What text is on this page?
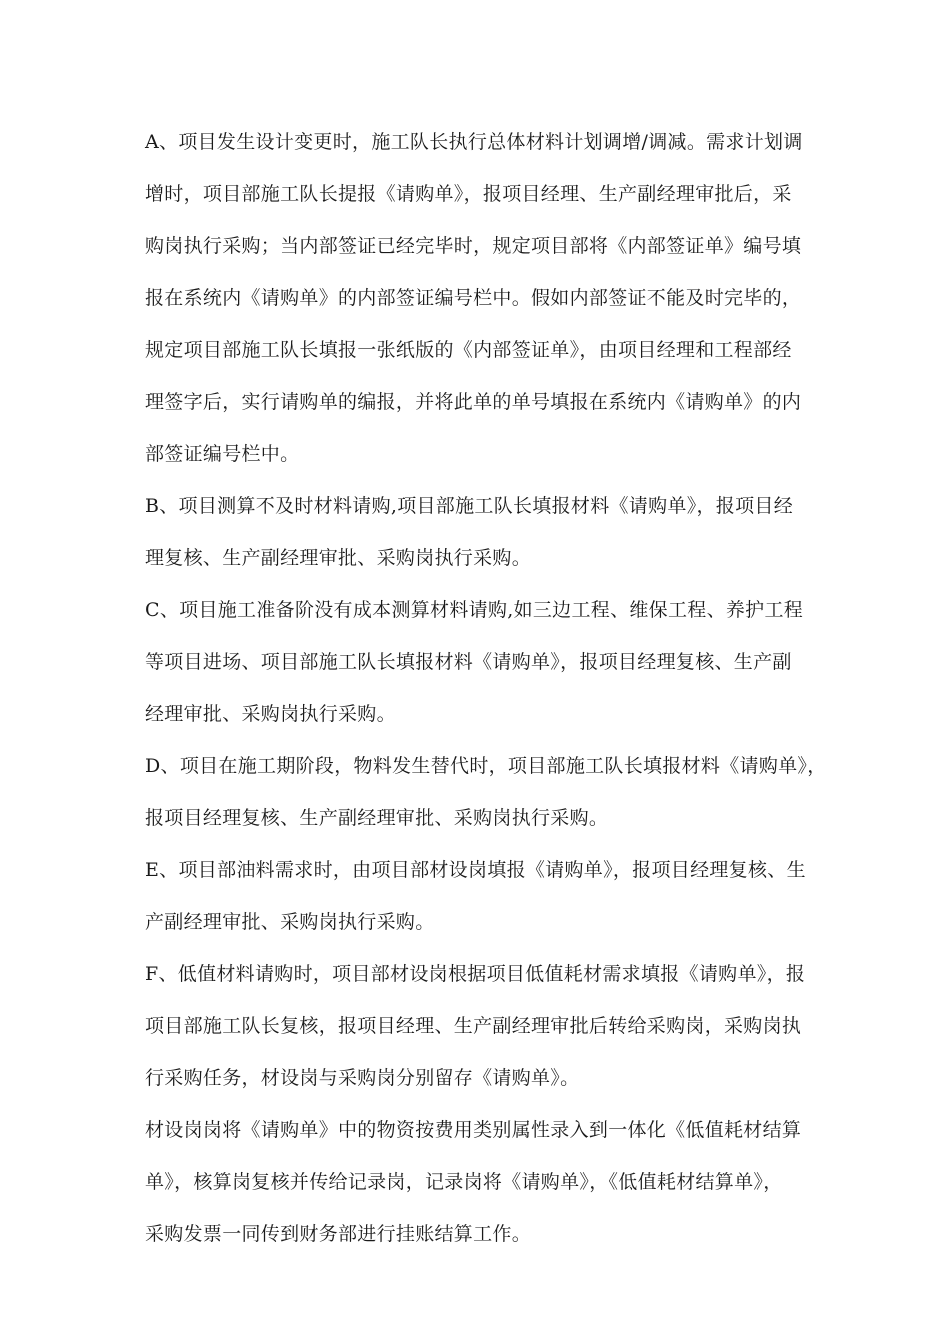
A、项目发生设计变更时，施工队长执行总体材料计划调增/调减。需求计划调
增时，项目部施工队长提报《请购单》，报项目经理、生产副经理审批后，采
购岗执行采购；当内部签证已经完毕时，规定项目部将《内部签证单》编号填
报在系统内《请购单》的内部签证编号栏中。假如内部签证不能及时完毕的，
规定项目部施工队长填报一张纸版的《内部签证单》，由项目经理和工程部经
理签字后，实行请购单的编报，并将此单的单号填报在系统内《请购单》的内
部签证编号栏中。
B、项目测算不及时材料请购,项目部施工队长填报材料《请购单》，报项目经
理复核、生产副经理审批、采购岗执行采购。
C、项目施工准备阶没有成本测算材料请购,如三边工程、维保工程、养护工程
等项目进场、项目部施工队长填报材料《请购单》，报项目经理复核、生产副
经理审批、采购岗执行采购。
D、项目在施工期阶段，物料发生替代时，项目部施工队长填报材料《请购单》，
报项目经理复核、生产副经理审批、采购岗执行采购。
E、项目部油料需求时，由项目部材设岗填报《请购单》，报项目经理复核、生
产副经理审批、采购岗执行采购。
F、低值材料请购时，项目部材设岗根据项目低值耗材需求填报《请购单》，报
项目部施工队长复核，报项目经理、生产副经理审批后转给采购岗，采购岗执
行采购任务，材设岗与采购岗分别留存《请购单》。
材设岗岗将《请购单》中的物资按费用类别属性录入到一体化《低值耗材结算
单》，核算岗复核并传给记录岗，记录岗将《请购单》，《低值耗材结算单》，
采购发票一同传到财务部进行挂账结算工作。
